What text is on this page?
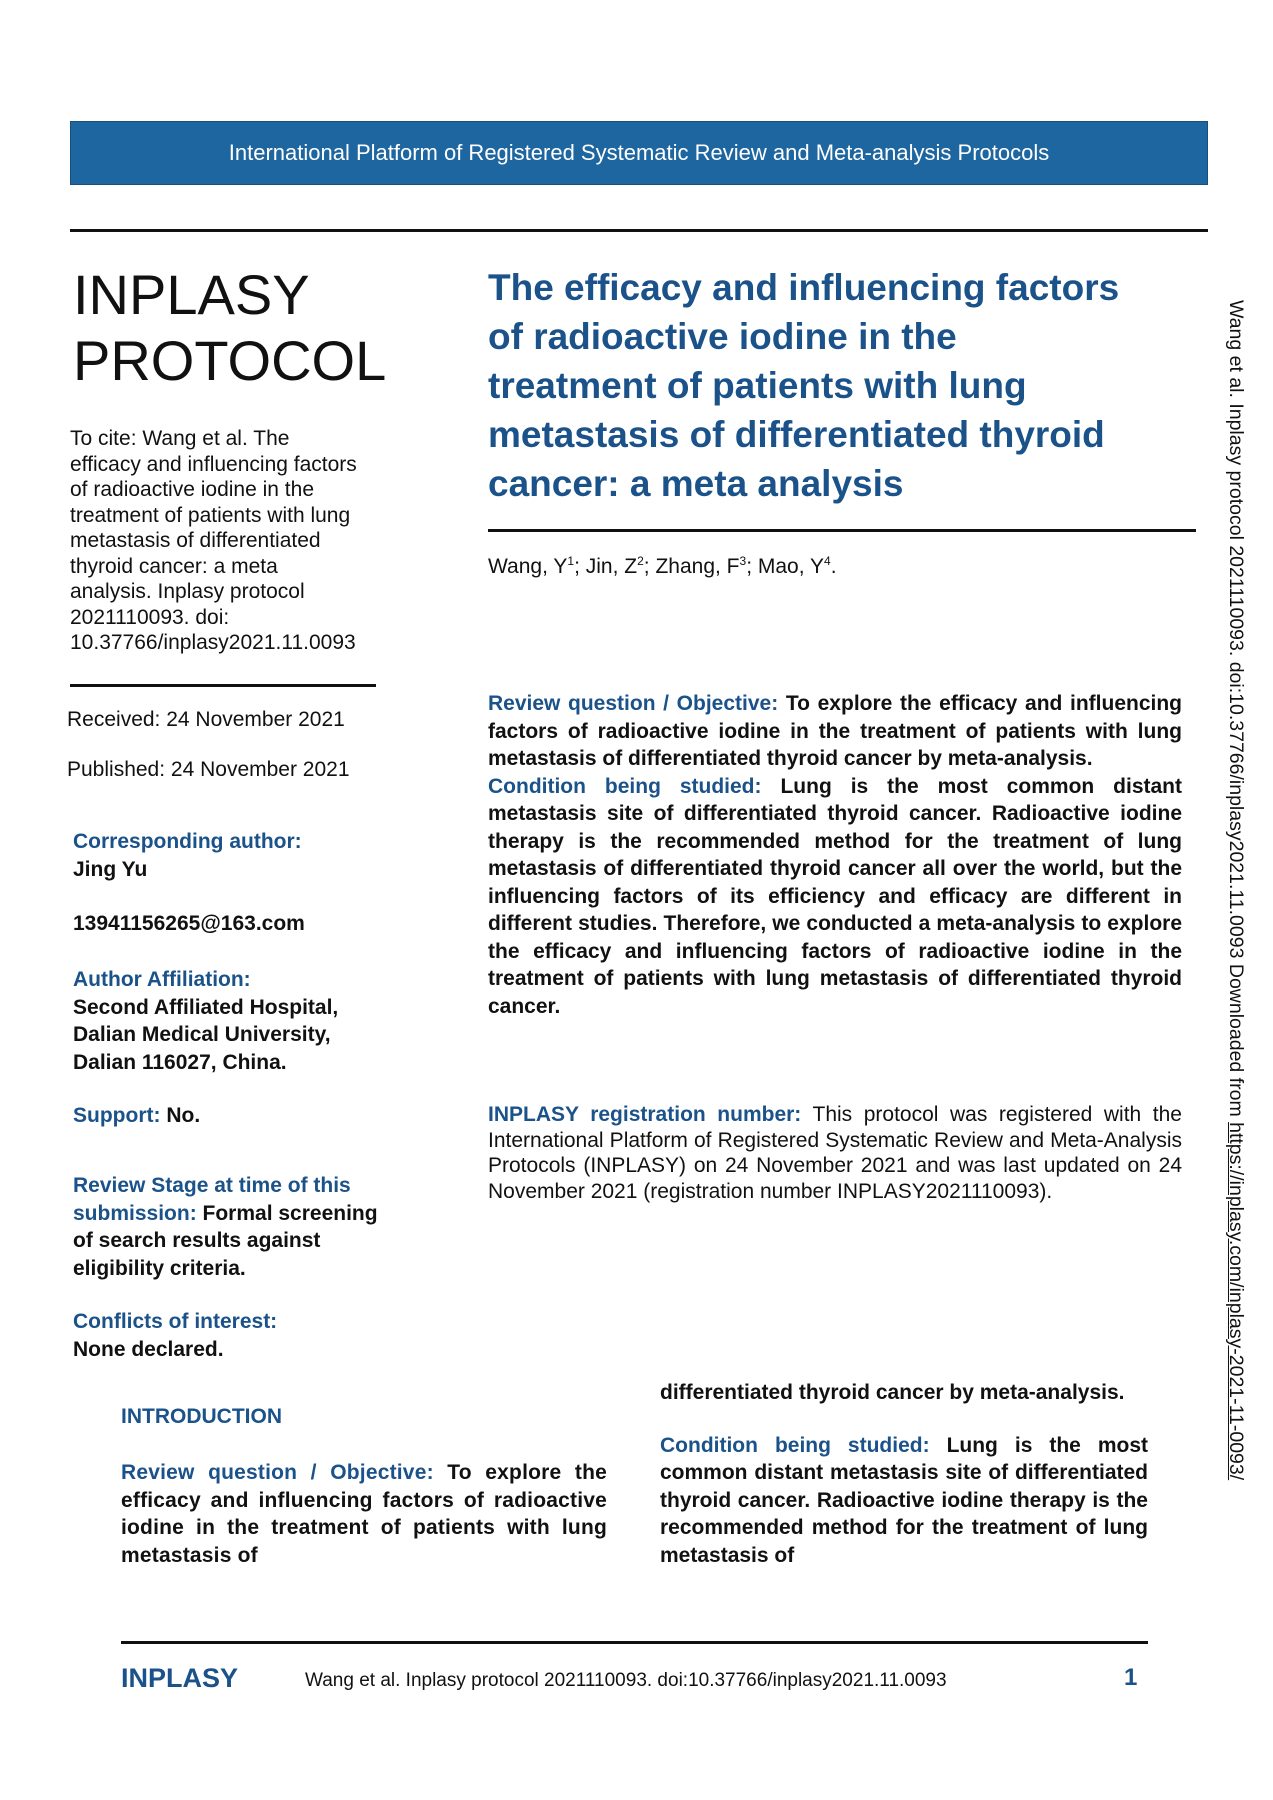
International Platform of Registered Systematic Review and Meta-analysis Protocols
INPLASY
PROTOCOL
To cite: Wang et al. The
efficacy and influencing factors
of radioactive iodine in the
treatment of patients with lung
metastasis of differentiated
thyroid cancer: a meta
analysis. Inplasy protocol
2021110093. doi:
10.37766/inplasy2021.11.0093
Received: 24 November 2021
Published: 24 November 2021
Corresponding author:
Jing Yu
13941156265@163.com
Author Affiliation:
Second Affiliated Hospital,
Dalian Medical University,
Dalian 116027, China.
Support: No.
Review Stage at time of this
submission: Formal screening
of search results against
eligibility criteria.
Conflicts of interest:
None declared.
The efficacy and influencing factors
of radioactive iodine in the
treatment of patients with lung
metastasis of differentiated thyroid
cancer: a meta analysis
Wang, $Y^1$; Jin, $Z^2$; Zhang, $F^3$; Mao, $Y^4$.
Review question / Objective: To explore the efficacy and influencing factors of radioactive iodine in the treatment of patients with lung metastasis of differentiated thyroid cancer by meta-analysis.
Condition being studied: Lung is the most common distant metastasis site of differentiated thyroid cancer. Radioactive iodine therapy is the recommended method for the treatment of lung metastasis of differentiated thyroid cancer all over the world, but the influencing factors of its efficiency and efficacy are different in different studies. Therefore, we conducted a meta-analysis to explore the efficacy and influencing factors of radioactive iodine in the treatment of patients with lung metastasis of differentiated thyroid cancer.
INPLASY registration number: This protocol was registered with the International Platform of Registered Systematic Review and Meta-Analysis Protocols (INPLASY) on 24 November 2021 and was last updated on 24 November 2021 (registration number INPLASY2021110093).
INTRODUCTION
Review question / Objective: To explore the efficacy and influencing factors of radioactive iodine in the treatment of patients with lung metastasis of
differentiated thyroid cancer by meta-analysis.
Condition being studied: Lung is the most common distant metastasis site of differentiated thyroid cancer. Radioactive iodine therapy is the recommended method for the treatment of lung metastasis of
INPLASY	Wang et al. Inplasy protocol 2021110093. doi:10.37766/inplasy2021.11.0093	1
Wang et al. Inplasy protocol 2021110093. doi:10.37766/inplasy2021.11.0093 Downloaded from https://inplasy.com/inplasy-2021-11-0093/
